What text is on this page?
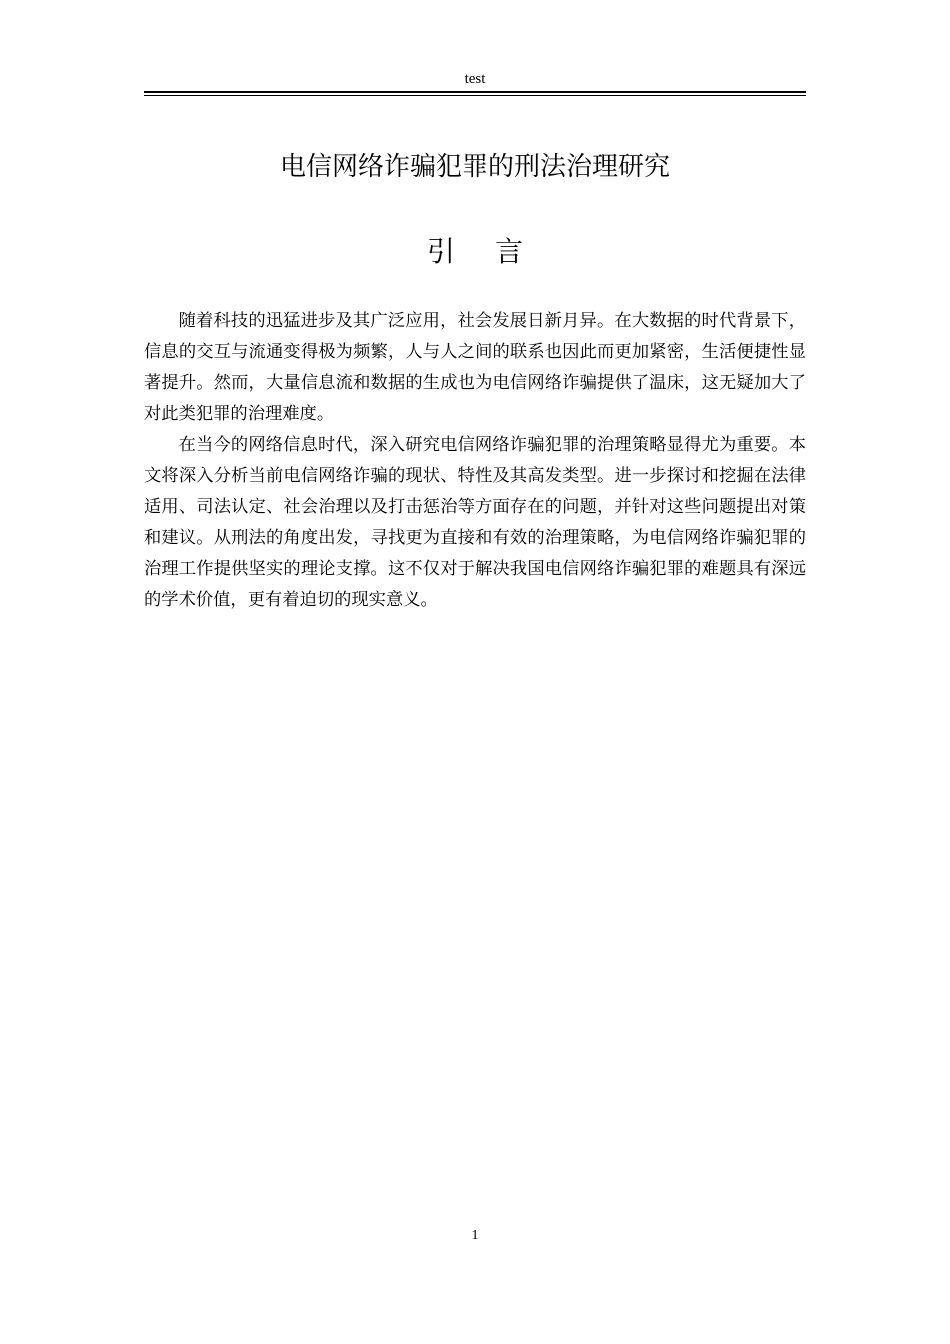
test
电信网络诈骗犯罪的刑法治理研究
引言

随着科技的迅猛进步及其广泛应用，社会发展日新月异。在大数据的时代背景下，信息的交互与流通变得极为频繁，人与人之间的联系也因此而更加紧密，生活便捷性显著提升。然而，大量信息流和数据的生成也为电信网络诈骗提供了温床，这无疑加大了对此类犯罪的治理难度。

在当今的网络信息时代，深入研究电信网络诈骗犯罪的治理策略显得尤为重要。本文将深入分析当前电信网络诈骗的现状、特性及其高发类型。进一步探讨和挖掘在法律适用、司法认定、社会治理以及打击惩治等方面存在的问题，并针对这些问题提出对策和建议。从刑法的角度出发，寻找更为直接和有效的治理策略，为电信网络诈骗犯罪的治理工作提供坚实的理论支撑。这不仅对于解决我国电信网络诈骗犯罪的难题具有深远的学术价值，更有着迫切的现实意义。

1
